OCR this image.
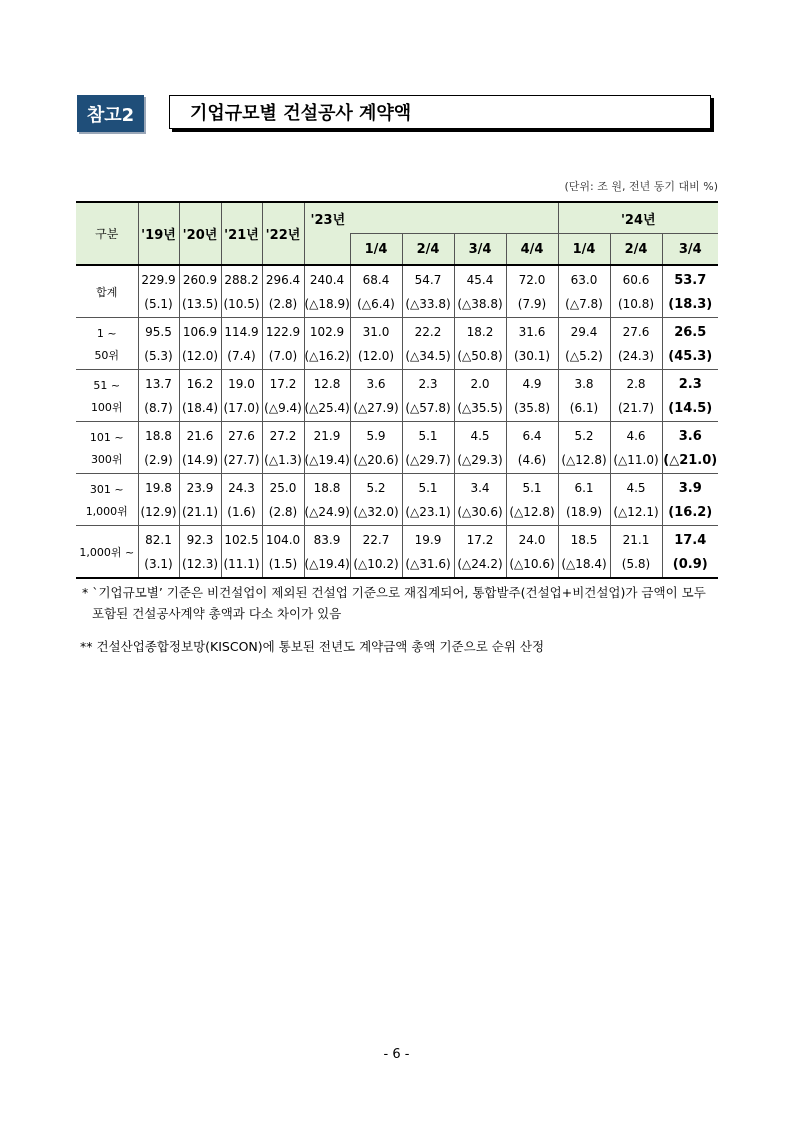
참고2	기업규모별 건설공사 계약액
(단위: 조 원, 전년 동기 대비 %)
구분	'19년	'20년	'21년	'22년	'23년					'24년		
						1/4	2/4	3/4	4/4	1/4	2/4	3/4

합계	229.9	260.9	288.2	296.4	240.4	68.4	54.7	45.4	72.0	63.0	60.6	53.7
	(5.1)	(13.5)	(10.5)	(2.8)	(△18.9)	(△6.4)	(△33.8)	(△38.8)	(7.9)	(△7.8)	(10.8)	(18.3)

1 ~
50위	95.5	106.9	114.9	122.9	102.9	31.0	22.2	18.2	31.6	29.4	27.6	26.5
	(5.3)	(12.0)	(7.4)	(7.0)	(△16.2)	(12.0)	(△34.5)	(△50.8)	(30.1)	(△5.2)	(24.3)	(45.3)

51 ~
100위	13.7	16.2	19.0	17.2	12.8	3.6	2.3	2.0	4.9	3.8	2.8	2.3
	(8.7)	(18.4)	(17.0)	(△9.4)	(△25.4)	(△27.9)	(△57.8)	(△35.5)	(35.8)	(6.1)	(21.7)	(14.5)

101 ~
300위	18.8	21.6	27.6	27.2	21.9	5.9	5.1	4.5	6.4	5.2	4.6	3.6
	(2.9)	(14.9)	(27.7)	(△1.3)	(△19.4)	(△20.6)	(△29.7)	(△29.3)	(4.6)	(△12.8)	(△11.0)	(△21.0)

301 ~
1,000위	19.8	23.9	24.3	25.0	18.8	5.2	5.1	3.4	5.1	6.1	4.5	3.9
	(12.9)	(21.1)	(1.6)	(2.8)	(△24.9)	(△32.0)	(△23.1)	(△30.6)	(△12.8)	(18.9)	(△12.1)	(16.2)

1,000위 ~	82.1	92.3	102.5	104.0	83.9	22.7	19.9	17.2	24.0	18.5	21.1	17.4
	(3.1)	(12.3)	(11.1)	(1.5)	(△19.4)	(△10.2)	(△31.6)	(△24.2)	(△10.6)	(△18.4)	(5.8)	(0.9)
* `기업규모별’ 기준은 비건설업이 제외된 건설업 기준으로 재집계되어, 통합발주(건설업+비건설업)가 금액이 모두
포함된 건설공사계약 총액과 다소 차이가 있음
** 건설산업종합정보망(KISCON)에 통보된 전년도 계약금액 총액 기준으로 순위 산정
- 6 -
